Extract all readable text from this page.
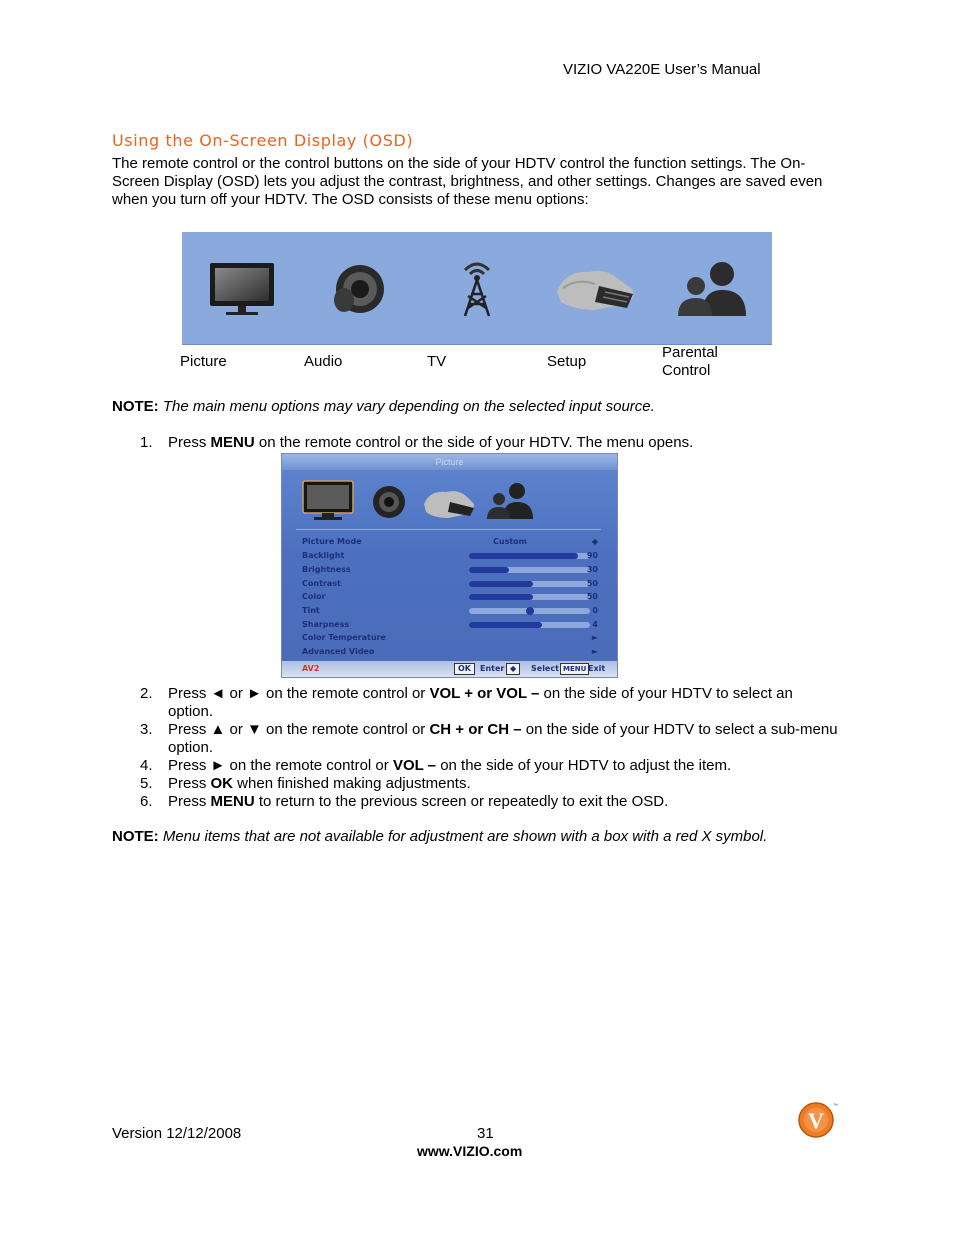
VIZIO VA220E User’s Manual
Using the On-Screen Display (OSD)
The remote control or the control buttons on the side of your HDTV control the function settings. The On-Screen Display (OSD) lets you adjust the contrast, brightness, and other settings. Changes are saved even when you turn off your HDTV. The OSD consists of these menu options:
Picture	Audio	TV	Setup
Parental
Control
NOTE: The main menu options may vary depending on the selected input source.
1. Press MENU on the remote control or the side of your HDTV. The menu opens.
Picture
Picture Mode	Custom	◆
Backlight	90
Brightness	30
Contrast	50
Color	50
Tint	0
Sharpness	4
Color Temperature	►
Advanced Video	►
AV2	OK	Enter ◆	Select MENU Exit
2. Press ◄ or ► on the remote control or VOL + or VOL – on the side of your HDTV to select an option.
3. Press ▲ or ▼ on the remote control or CH + or CH – on the side of your HDTV to select a sub-menu option.
4. Press ► on the remote control or VOL – on the side of your HDTV to adjust the item.
5. Press OK when finished making adjustments.
6. Press MENU to return to the previous screen or repeatedly to exit the OSD.
NOTE: Menu items that are not available for adjustment are shown with a box with a red X symbol.
Version 12/12/2008	31
www.VIZIO.com
V
™
